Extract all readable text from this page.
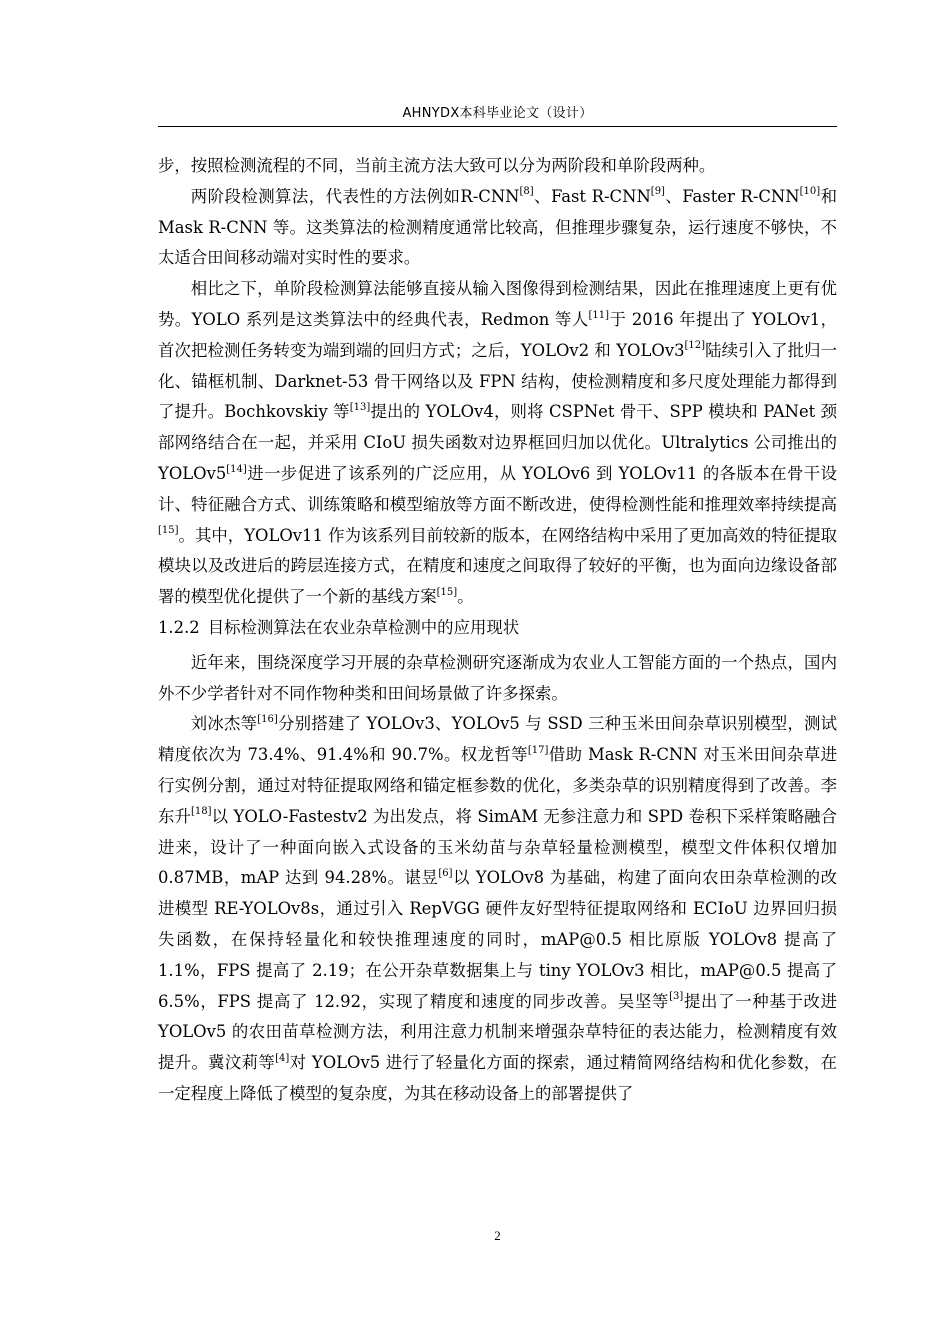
AHNYDX本科毕业论文（设计）

步，按照检测流程的不同，当前主流方法大致可以分为两阶段和单阶段两种。

两阶段检测算法，代表性的方法例如R-CNN[8]、Fast R-CNN[9]、Faster R-CNN[10]和 Mask R-CNN 等。这类算法的检测精度通常比较高，但推理步骤复杂，运行速度不够快，不太适合田间移动端对实时性的要求。

相比之下，单阶段检测算法能够直接从输入图像得到检测结果，因此在推理速度上更有优势。YOLO 系列是这类算法中的经典代表，Redmon 等人[11]于 2016 年提出了 YOLOv1，首次把检测任务转变为端到端的回归方式；之后，YOLOv2 和 YOLOv3[12]陆续引入了批归一化、锚框机制、Darknet-53 骨干网络以及 FPN 结构，使检测精度和多尺度处理能力都得到了提升。Bochkovskiy 等[13]提出的 YOLOv4，则将 CSPNet 骨干、SPP 模块和 PANet 颈部网络结合在一起，并采用 CIoU 损失函数对边界框回归加以优化。Ultralytics 公司推出的 YOLOv5[14]进一步促进了该系列的广泛应用，从 YOLOv6 到 YOLOv11 的各版本在骨干设计、特征融合方式、训练策略和模型缩放等方面不断改进，使得检测性能和推理效率持续提高[15]。其中，YOLOv11 作为该系列目前较新的版本，在网络结构中采用了更加高效的特征提取模块以及改进后的跨层连接方式，在精度和速度之间取得了较好的平衡，也为面向边缘设备部署的模型优化提供了一个新的基线方案[15]。

1.2.2 目标检测算法在农业杂草检测中的应用现状

近年来，围绕深度学习开展的杂草检测研究逐渐成为农业人工智能方面的一个热点，国内外不少学者针对不同作物种类和田间场景做了许多探索。

刘冰杰等[16]分别搭建了 YOLOv3、YOLOv5 与 SSD 三种玉米田间杂草识别模型，测试精度依次为 73.4%、91.4%和 90.7%。权龙哲等[17]借助 Mask R-CNN 对玉米田间杂草进行实例分割，通过对特征提取网络和锚定框参数的优化，多类杂草的识别精度得到了改善。李东升[18]以 YOLO-Fastestv2 为出发点，将 SimAM 无参注意力和 SPD 卷积下采样策略融合进来，设计了一种面向嵌入式设备的玉米幼苗与杂草轻量检测模型，模型文件体积仅增加 0.87MB，mAP 达到 94.28%。谌昱[6]以 YOLOv8 为基础，构建了面向农田杂草检测的改进模型 RE-YOLOv8s，通过引入 RepVGG 硬件友好型特征提取网络和 ECIoU 边界回归损失函数，在保持轻量化和较快推理速度的同时，mAP@0.5 相比原版 YOLOv8 提高了 1.1%，FPS 提高了 2.19；在公开杂草数据集上与 tiny YOLOv3 相比，mAP@0.5 提高了 6.5%，FPS 提高了 12.92，实现了精度和速度的同步改善。吴坚等[3]提出了一种基于改进 YOLOv5 的农田苗草检测方法，利用注意力机制来增强杂草特征的表达能力，检测精度有效提升。冀汶莉等[4]对 YOLOv5 进行了轻量化方面的探索，通过精简网络结构和优化参数，在一定程度上降低了模型的复杂度，为其在移动设备上的部署提供了

2
